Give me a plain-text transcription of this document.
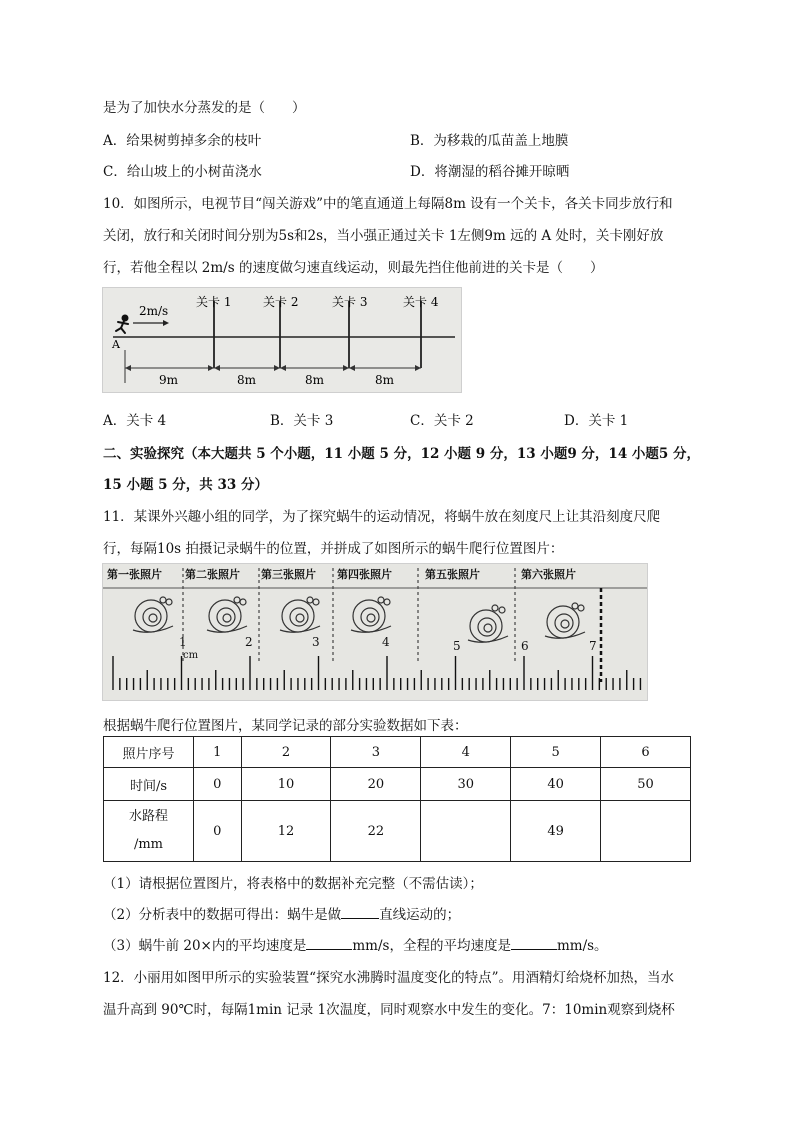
是为了加快水分蒸发的是（　　）
A．给果树剪掉多余的枝叶	B．为移栽的瓜苗盖上地膜
C．给山坡上的小树苗浇水	D．将潮湿的稻谷摊开晾晒
10．如图所示，电视节目“闯关游戏”中的笔直通道上每隔8m 设有一个关卡，各关卡同步放行和
关闭，放行和关闭时间分别为5s和2s，当小强正通过关卡 1左侧9m 远的 A 处时，关卡刚好放
行，若他全程以 2m/s 的速度做匀速直线运动，则最先挡住他前进的关卡是（　　）
2m/s
A
关卡 1	关卡 2	关卡 3	关卡 4
9m	8m	8m	8m
A．关卡 4	B．关卡 3	C．关卡 2	D．关卡 1
二、实验探究（本大题共 5 个小题，11 小题 5 分，12 小题 9 分，13 小题9 分，14 小题5 分，
15 小题 5 分，共 33 分）
11．某课外兴趣小组的同学，为了探究蜗牛的运动情况，将蜗牛放在刻度尺上让其沿刻度尺爬
行，每隔10s 拍摄记录蜗牛的位置，并拼成了如图所示的蜗牛爬行位置图片：
第一张照片 第二张照片 第三张照片 第四张照片	第五张照片	第六张照片
1
cm
2	3	4	5	6	7
根据蜗牛爬行位置图片，某同学记录的部分实验数据如下表：
照片序号	1	2	3	4	5	6
时间/s	0	10	20	30	40	50

水路程
/mm	0	12	22		49	
（1）请根据位置图片，将表格中的数据补充完整（不需估读）；
（2）分析表中的数据可得出：蜗牛是做	直线运动的；
（3）蜗牛前 20×内的平均速度是	mm/s，全程的平均速度是	mm/s。
12．小丽用如图甲所示的实验装置“探究水沸腾时温度变化的特点”。用酒精灯给烧杯加热，当水
温升高到 90℃时，每隔1min 记录 1次温度，同时观察水中发生的变化。7：10min观察到烧杯
